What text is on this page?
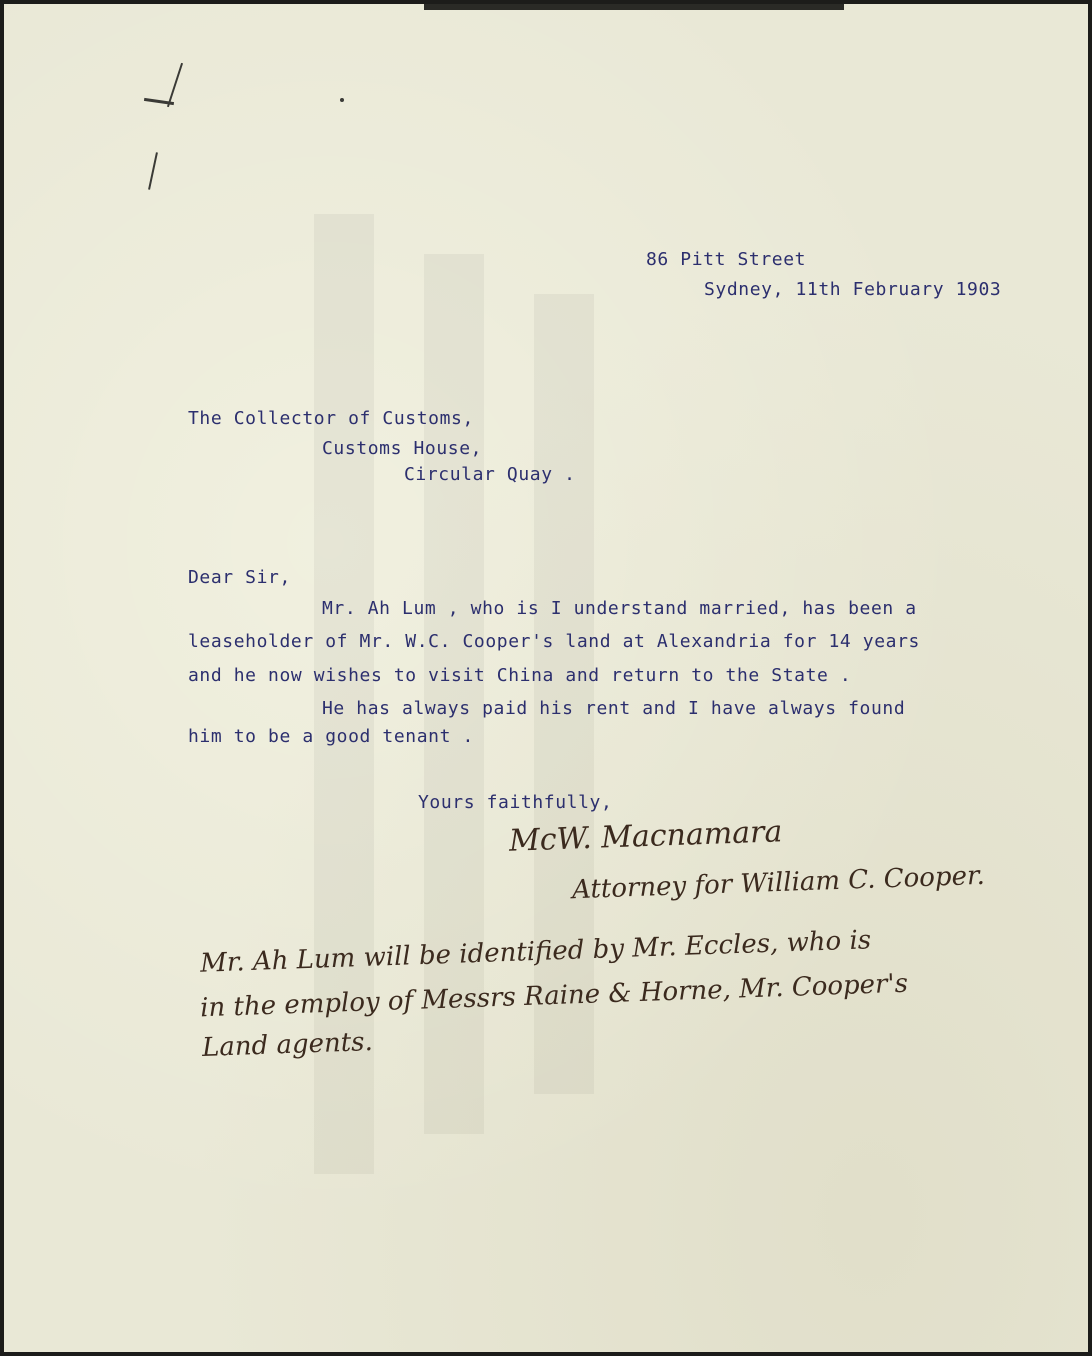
86 Pitt Street

Sydney, 11th February 1903

The Collector of Customs,

Customs House,

Circular Quay .

Dear Sir,

Mr. Ah Lum , who is I understand married, has been a

leaseholder of Mr. W.C. Cooper's land at Alexandria for 14 years

and he now wishes to visit China and return to the State .

He has always paid his rent and I have always found

him to be a good tenant .

Yours faithfully,

McW. Macnamara
Attorney for William C. Cooper.
Mr. Ah Lum will be identified by Mr. Eccles, who is
in the employ of Messrs Raine & Horne, Mr. Cooper's
Land agents.
